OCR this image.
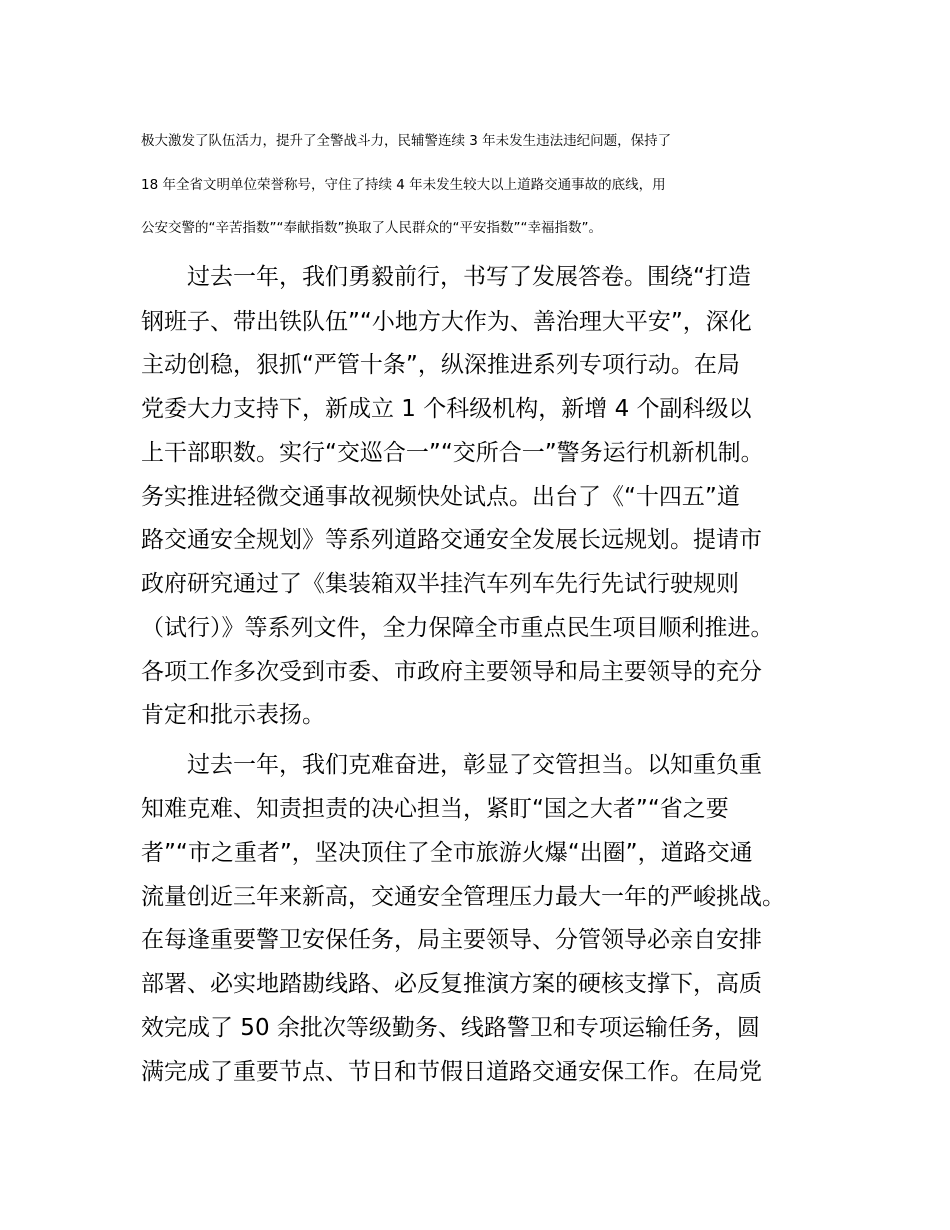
极大激发了队伍活力，提升了全警战斗力，民辅警连续 3 年未发生违法违纪问题，保持了
18 年全省文明单位荣誉称号，守住了持续 4 年未发生较大以上道路交通事故的底线，用
公安交警的“辛苦指数”“奉献指数”换取了人民群众的“平安指数”“幸福指数”。
　　过去一年，我们勇毅前行，书写了发展答卷。围绕“打造
钢班子、带出铁队伍”“小地方大作为、善治理大平安”，深化
主动创稳，狠抓“严管十条”，纵深推进系列专项行动。在局
党委大力支持下，新成立 1 个科级机构，新增 4 个副科级以
上干部职数。实行“交巡合一”“交所合一”警务运行机新机制。
务实推进轻微交通事故视频快处试点。出台了《“十四五”道
路交通安全规划》等系列道路交通安全发展长远规划。提请市
政府研究通过了《集装箱双半挂汽车列车先行先试行驶规则
（试行）》等系列文件，全力保障全市重点民生项目顺利推进。
各项工作多次受到市委、市政府主要领导和局主要领导的充分
肯定和批示表扬。
　　过去一年，我们克难奋进，彰显了交管担当。以知重负重
知难克难、知责担责的决心担当，紧盯“国之大者”“省之要
者”“市之重者”，坚决顶住了全市旅游火爆“出圈”，道路交通
流量创近三年来新高，交通安全管理压力最大一年的严峻挑战。
在每逢重要警卫安保任务，局主要领导、分管领导必亲自安排
部署、必实地踏勘线路、必反复推演方案的硬核支撑下，高质
效完成了 50 余批次等级勤务、线路警卫和专项运输任务，圆
满完成了重要节点、节日和节假日道路交通安保工作。在局党
